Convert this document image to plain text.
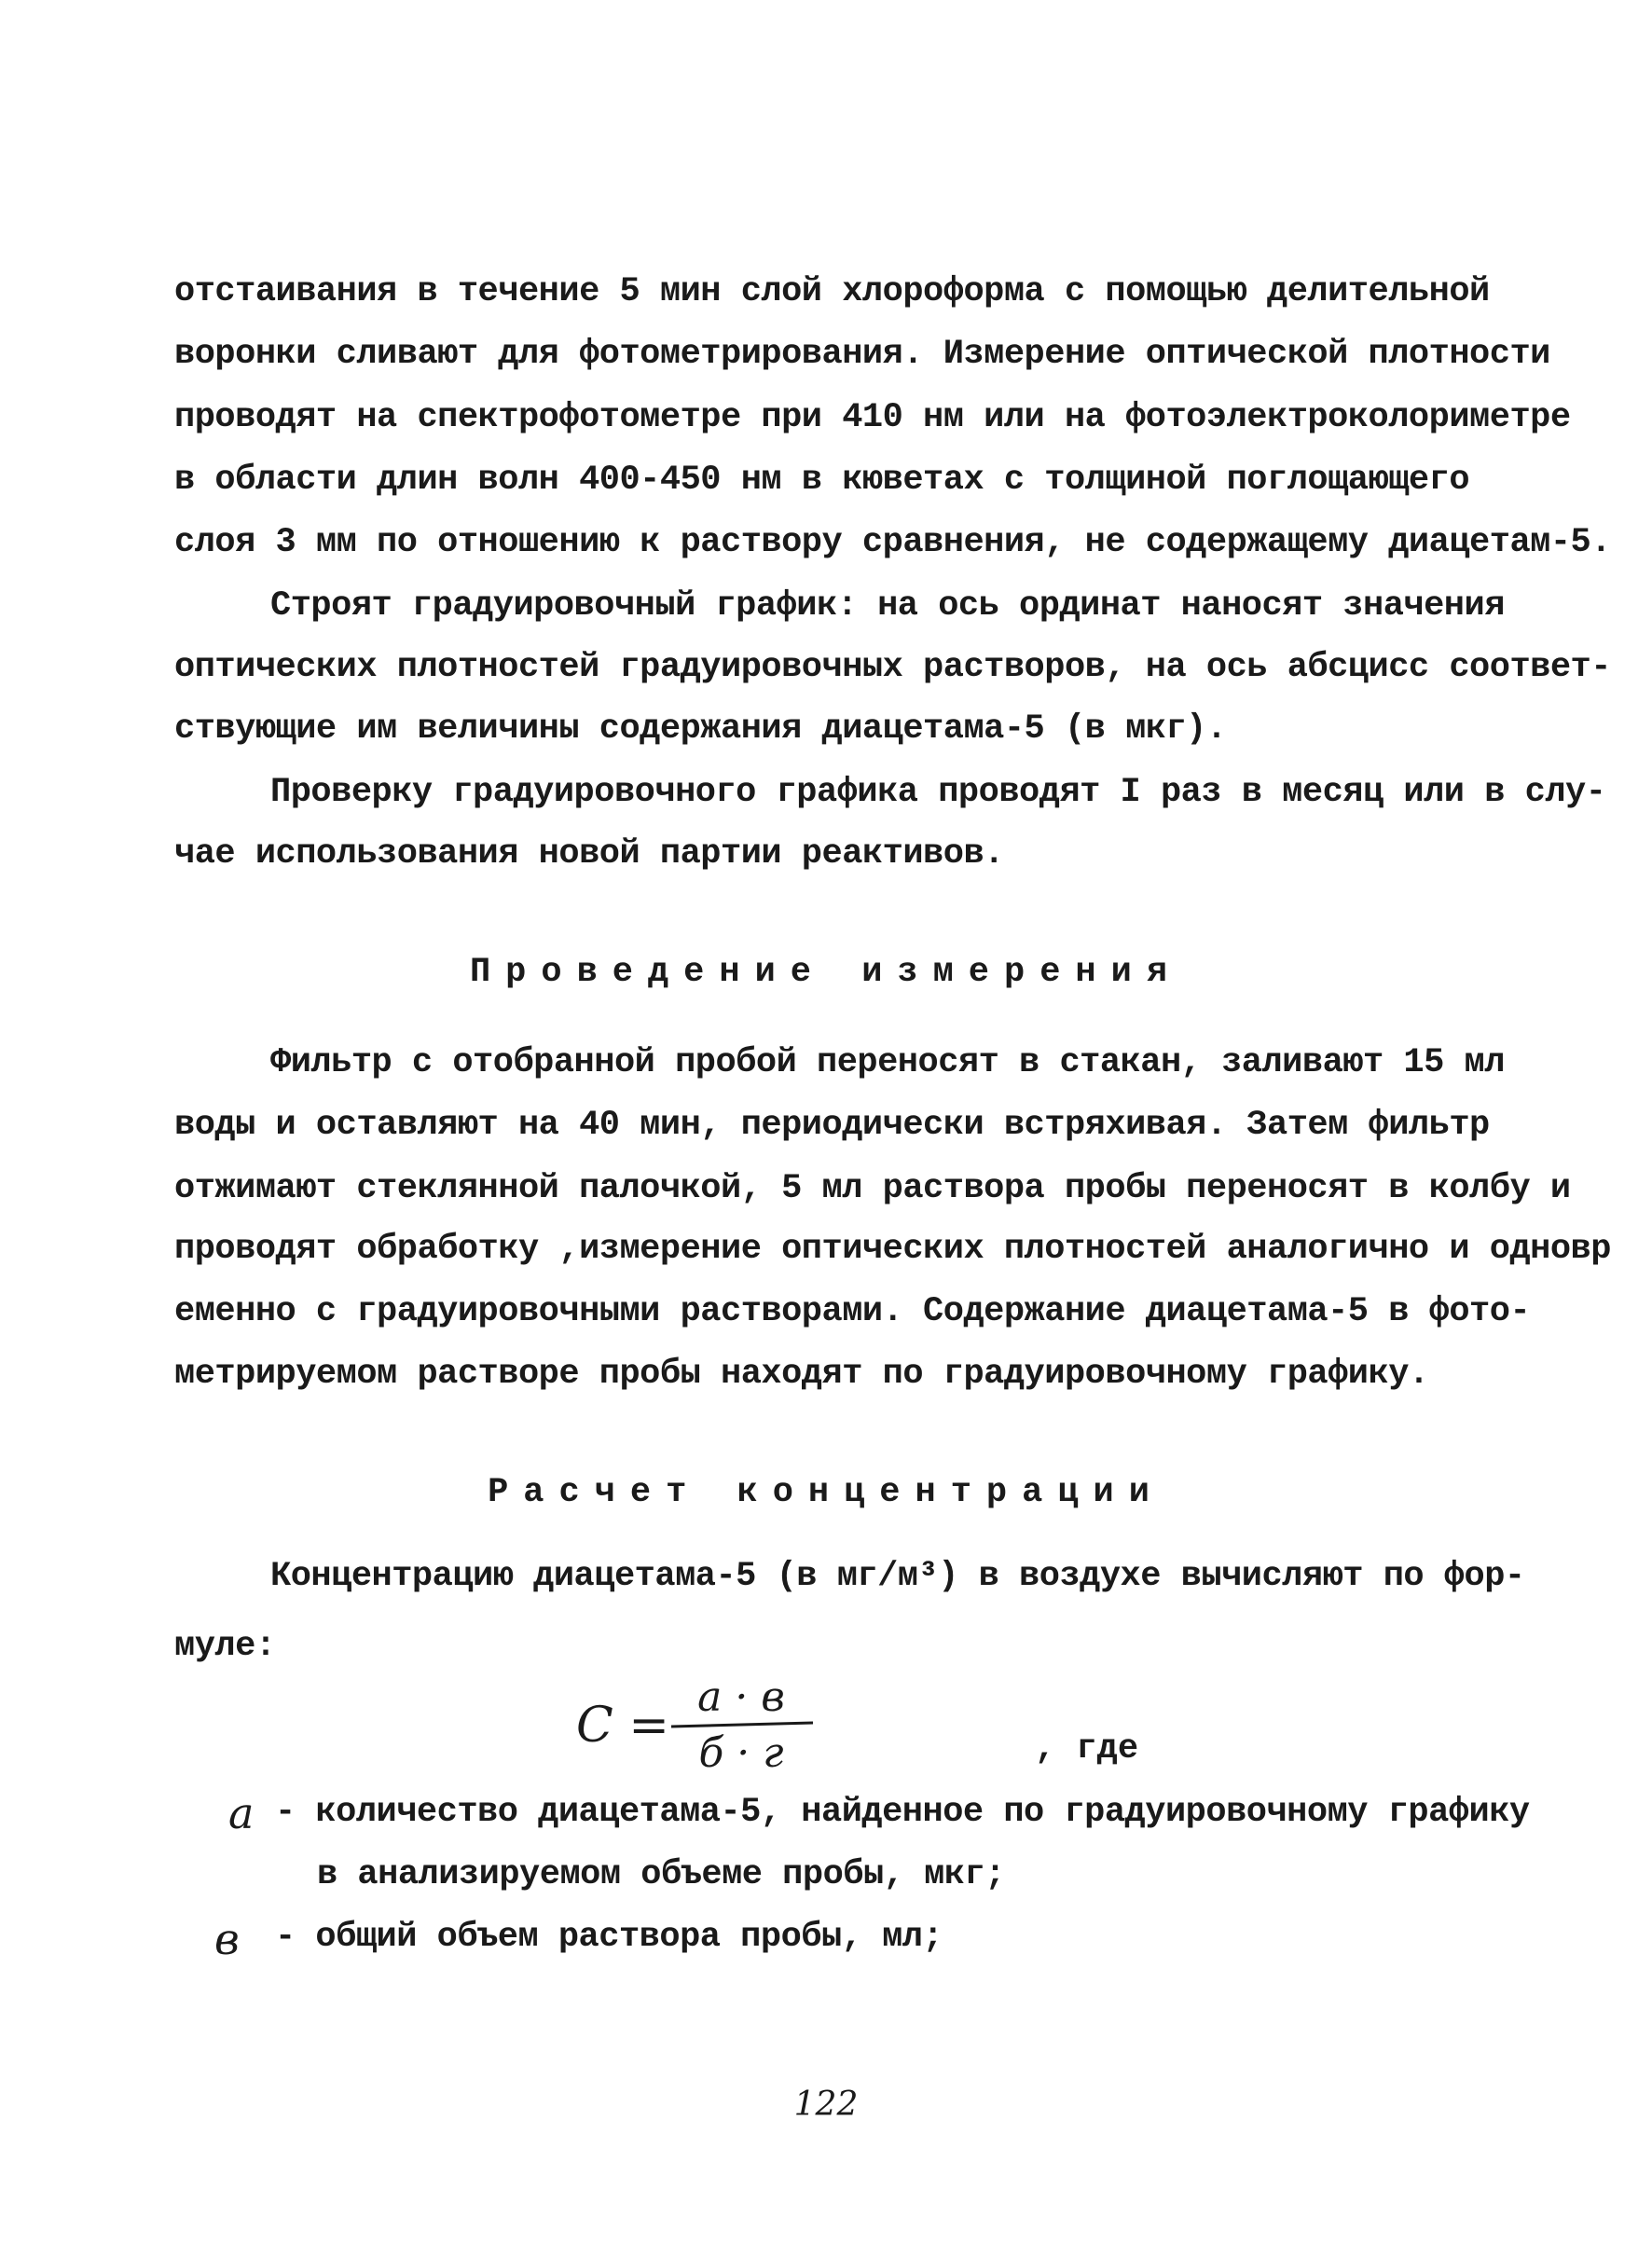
отстаивания в течение 5 мин слой хлороформа с помощью делительной
воронки сливают для фотометрирования. Измерение оптической плотности
проводят на спектрофотометре при 410 нм или на фотоэлектроколориметре
в области длин волн 400-450 нм в кюветах с толщиной поглощающего
слоя 3 мм по отношению к раствору сравнения, не содержащему диацетам-5.
Строят градуировочный график: на ось ординат наносят значения
оптических плотностей градуировочных растворов, на ось абсцисс соответ-
ствующие им величины содержания диацетама-5 (в мкг).
Проверку градуировочного графика проводят I раз в месяц или в слу-
чае использования новой партии реактивов.
Проведение измерения
Фильтр с отобранной пробой переносят в стакан, заливают 15 мл
воды и оставляют на 40 мин, периодически встряхивая. Затем фильтр
отжимают стеклянной палочкой, 5 мл раствора пробы переносят в колбу и
проводят обработку ,измерение оптических плотностей аналогично и одновр
еменно с градуировочными растворами. Содержание диацетама-5 в фото-
метрируемом растворе пробы находят по градуировочному графику.
Расчет концентрации
Концентрацию диацетама-5 (в мг/м³) в воздухе вычисляют по фор-
муле:
C =
a · в
б · г	, где
a - количество диацетама-5, найденное по градуировочному графику
в анализируемом объеме пробы, мкг;
в - общий объем раствора пробы, мл;
122
